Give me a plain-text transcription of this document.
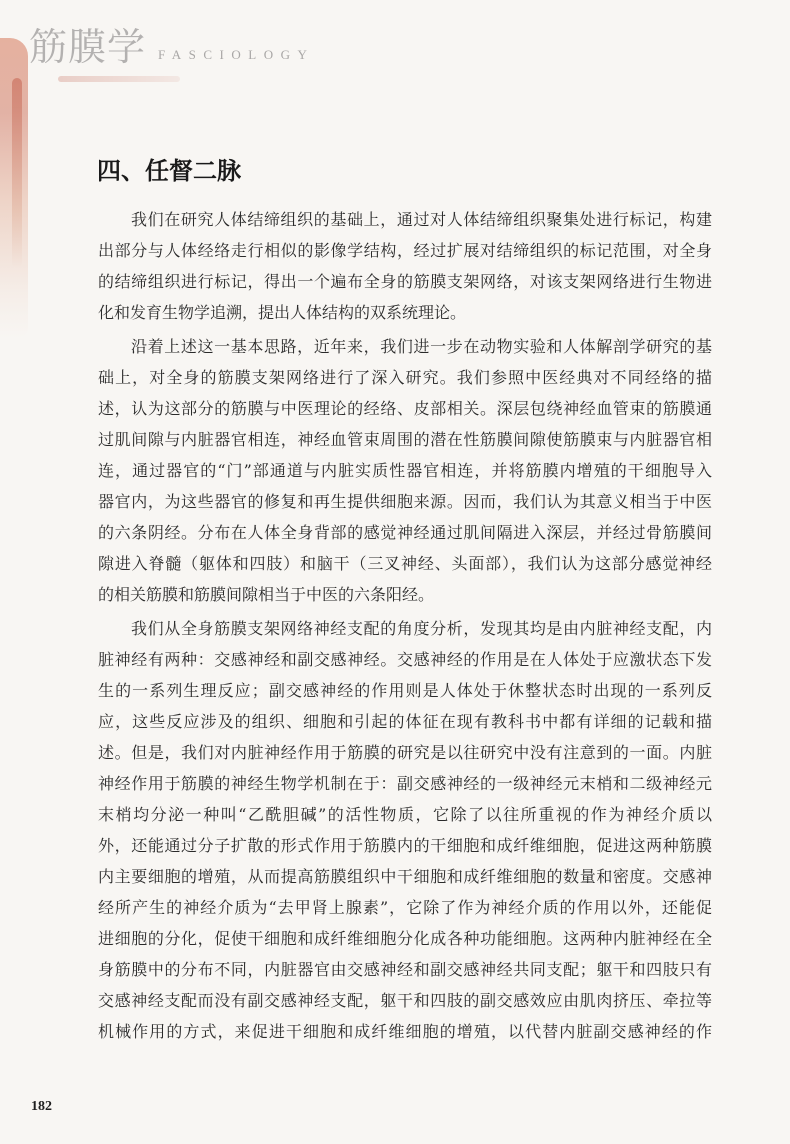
筋膜学 FASCIOLOGY
四、任督二脉
我们在研究人体结缔组织的基础上，通过对人体结缔组织聚集处进行标记，构建
出部分与人体经络走行相似的影像学结构，经过扩展对结缔组织的标记范围，对全身
的结缔组织进行标记，得出一个遍布全身的筋膜支架网络，对该支架网络进行生物进
化和发育生物学追溯，提出人体结构的双系统理论。
沿着上述这一基本思路，近年来，我们进一步在动物实验和人体解剖学研究的基
础上，对全身的筋膜支架网络进行了深入研究。我们参照中医经典对不同经络的描
述，认为这部分的筋膜与中医理论的经络、皮部相关。深层包绕神经血管束的筋膜通
过肌间隙与内脏器官相连，神经血管束周围的潜在性筋膜间隙使筋膜束与内脏器官相
连，通过器官的“门”部通道与内脏实质性器官相连，并将筋膜内增殖的干细胞导入
器官内，为这些器官的修复和再生提供细胞来源。因而，我们认为其意义相当于中医
的六条阴经。分布在人体全身背部的感觉神经通过肌间隔进入深层，并经过骨筋膜间
隙进入脊髓（躯体和四肢）和脑干（三叉神经、头面部），我们认为这部分感觉神经
的相关筋膜和筋膜间隙相当于中医的六条阳经。
我们从全身筋膜支架网络神经支配的角度分析，发现其均是由内脏神经支配，内
脏神经有两种：交感神经和副交感神经。交感神经的作用是在人体处于应激状态下发
生的一系列生理反应；副交感神经的作用则是人体处于休整状态时出现的一系列反
应，这些反应涉及的组织、细胞和引起的体征在现有教科书中都有详细的记载和描
述。但是，我们对内脏神经作用于筋膜的研究是以往研究中没有注意到的一面。内脏
神经作用于筋膜的神经生物学机制在于：副交感神经的一级神经元末梢和二级神经元
末梢均分泌一种叫“乙酰胆碱”的活性物质，它除了以往所重视的作为神经介质以
外，还能通过分子扩散的形式作用于筋膜内的干细胞和成纤维细胞，促进这两种筋膜
内主要细胞的增殖，从而提高筋膜组织中干细胞和成纤维细胞的数量和密度。交感神
经所产生的神经介质为“去甲肾上腺素”，它除了作为神经介质的作用以外，还能促
进细胞的分化，促使干细胞和成纤维细胞分化成各种功能细胞。这两种内脏神经在全
身筋膜中的分布不同，内脏器官由交感神经和副交感神经共同支配；躯干和四肢只有
交感神经支配而没有副交感神经支配，躯干和四肢的副交感效应由肌肉挤压、牵拉等
机械作用的方式，来促进干细胞和成纤维细胞的增殖，以代替内脏副交感神经的作
182
